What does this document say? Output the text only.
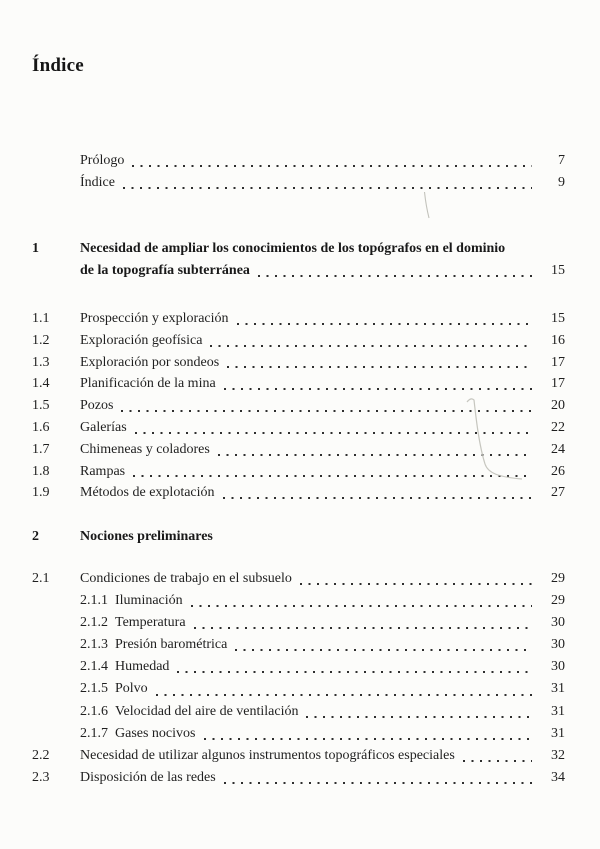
Índice
Prólogo	7
Índice	9
1	Necesidad de ampliar los conocimientos de los topógrafos en el dominio
de la topografía subterránea	15
1.1	Prospección y exploración	15
1.2	Exploración geofísica	16
1.3	Exploración por sondeos	17
1.4	Planificación de la mina	17
1.5	Pozos	20
1.6	Galerías	22
1.7	Chimeneas y coladores	24
1.8	Rampas	26
1.9	Métodos de explotación	27
2	Nociones preliminares
2.1	Condiciones de trabajo en el subsuelo	29
2.1.1 Iluminación	29
2.1.2 Temperatura	30
2.1.3 Presión barométrica	30
2.1.4 Humedad	30
2.1.5 Polvo	31
2.1.6 Velocidad del aire de ventilación	31
2.1.7 Gases nocivos	31
2.2	Necesidad de utilizar algunos instrumentos topográficos especiales	32
2.3	Disposición de las redes	34
